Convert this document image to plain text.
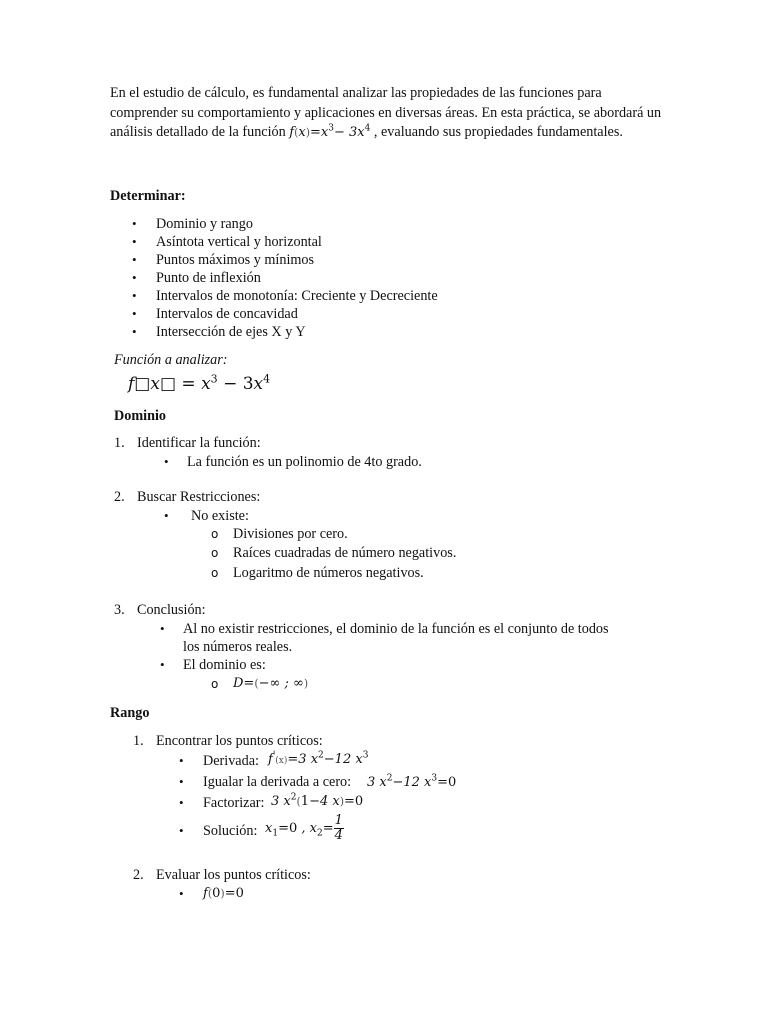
En el estudio de cálculo, es fundamental analizar las propiedades de las funciones para comprender su comportamiento y aplicaciones en diversas áreas. En esta práctica, se abordará un análisis detallado de la función $f(x)=x^3- 3x^4$ , evaluando sus propiedades fundamentales.
Determinar:
• Dominio y rango
• Asíntota vertical y horizontal
• Puntos máximos y mínimos
• Punto de inflexión
• Intervalos de monotonía: Creciente y Decreciente
• Intervalos de concavidad
• Intersección de ejes X y Y
Función a analizar:
f□x□ = $x^3 - 3x^4$
Dominio
1. Identificar la función:
• La función es un polinomio de 4to grado.
2. Buscar Restricciones:
• No existe:
o Divisiones por cero.
o Raíces cuadradas de número negativos.
o Logaritmo de números negativos.
3. Conclusión:
• Al no existir restricciones, el dominio de la función es el conjunto de todos
los números reales.
• El dominio es:
o D=(−∞ ; ∞)
Rango
1. Encontrar los puntos críticos:
• Derivada: f'(x)=3 $x^2-12$ $x^3$
• Igualar la derivada a cero: 3 $x^2-12$ $x^3=0$
• Factorizar: 3 $x^2(1-4$ x)=0
• Solución: $x_1=0$ , $x_2= \frac{1}{4}$
2. Evaluar los puntos críticos:
• f(0)=0
